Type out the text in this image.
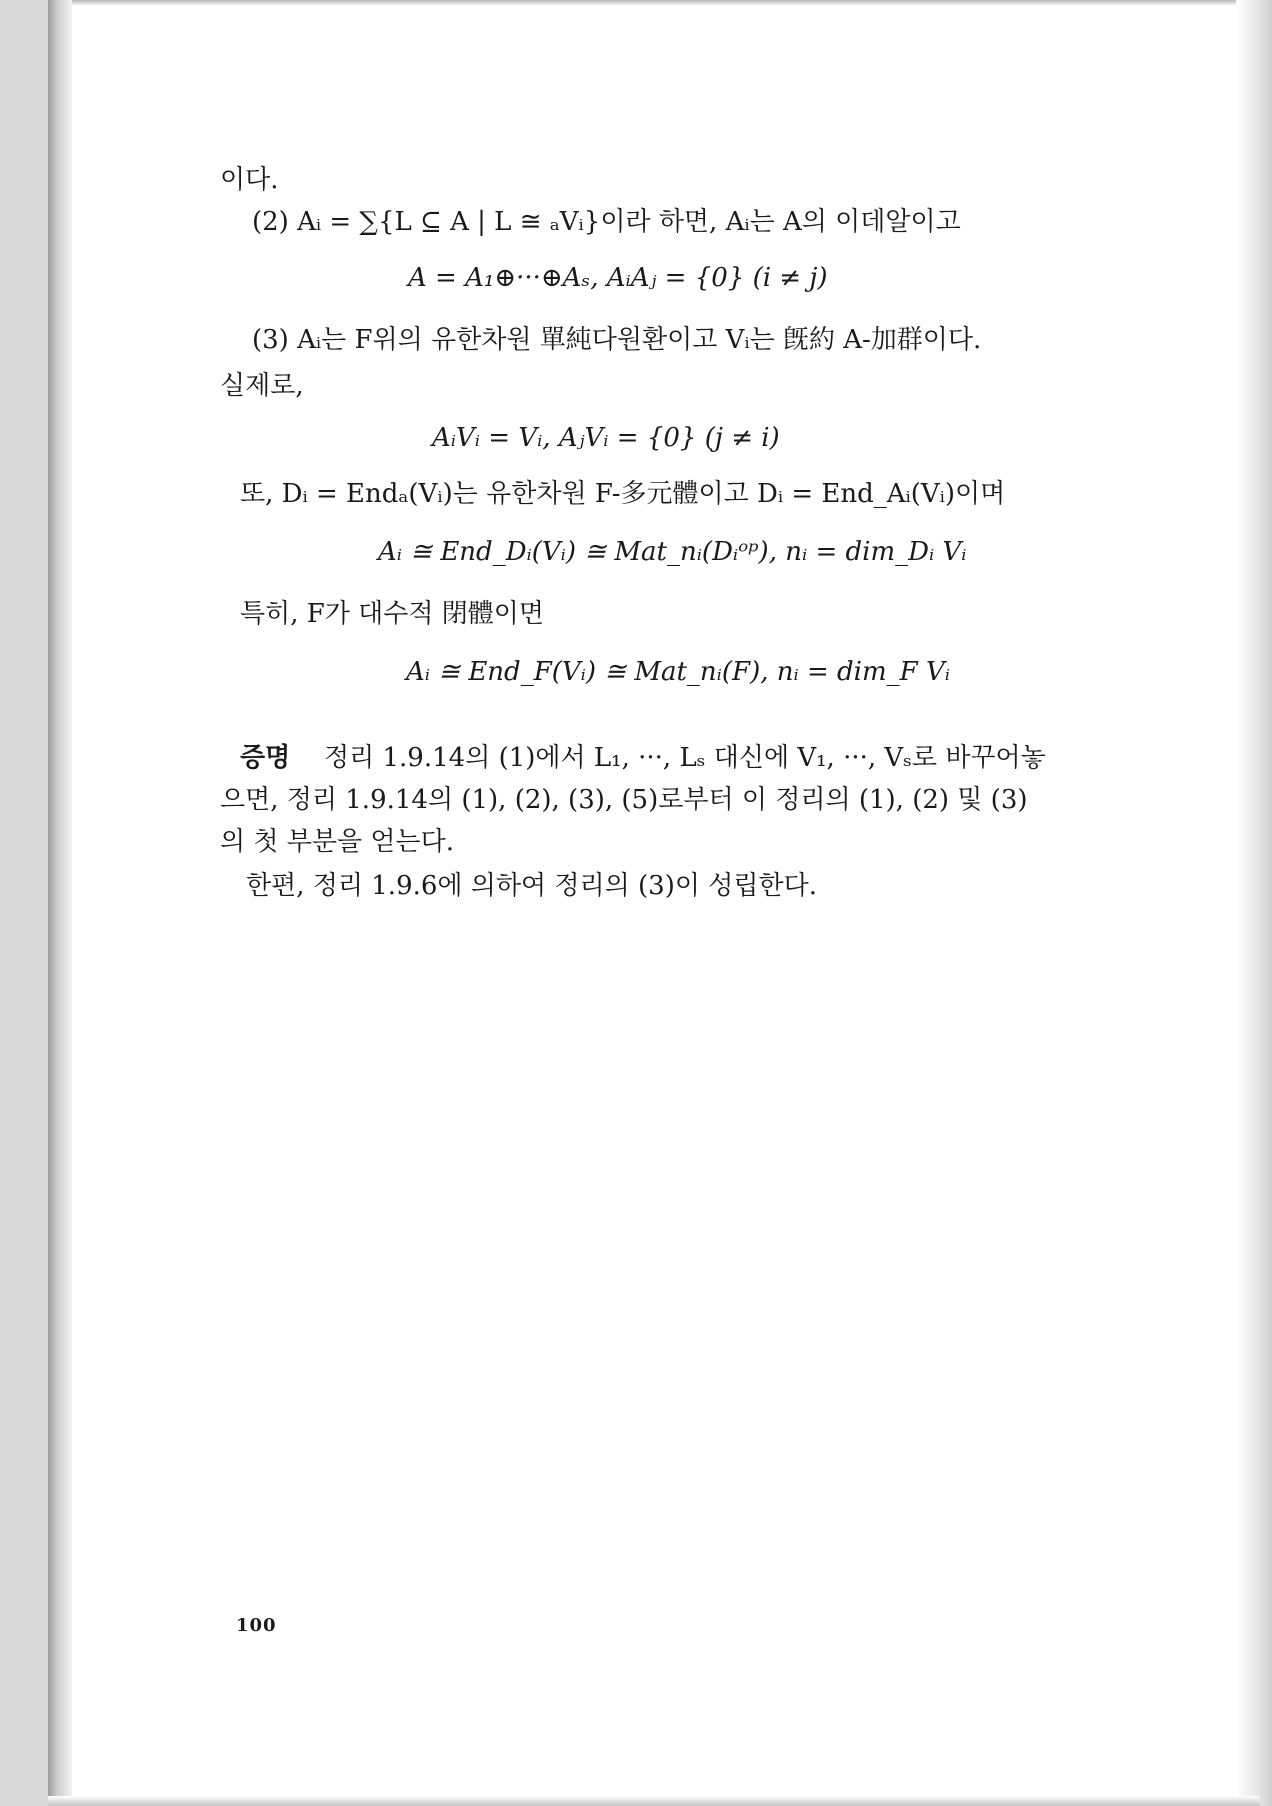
이다.

(2) Aᵢ = ∑{L ⊆ A | L ≅ ₐVᵢ}이라 하면, Aᵢ는 A의 이데알이고

A = A₁⊕···⊕Aₛ, AᵢAⱼ = {0} (i ≠ j)

(3) Aᵢ는 F위의 유한차원 單純다원환이고 Vᵢ는 旣約 A-加群이다.

실제로,

AᵢVᵢ = Vᵢ, AⱼVᵢ = {0} (j ≠ i)

또, Dᵢ = Endₐ(Vᵢ)는 유한차원 F-多元體이고 Dᵢ = End_Aᵢ(Vᵢ)이며

Aᵢ ≅ End_Dᵢ(Vᵢ) ≅ Mat_nᵢ(Dᵢᵒᵖ), nᵢ = dim_Dᵢ Vᵢ

특히, F가 대수적 閉體이면

Aᵢ ≅ End_F(Vᵢ) ≅ Mat_nᵢ(F), nᵢ = dim_F Vᵢ

증명 정리 1.9.14의 (1)에서 L₁, ···, Lₛ 대신에 V₁, ···, Vₛ로 바꾸어놓

으면, 정리 1.9.14의 (1), (2), (3), (5)로부터 이 정리의 (1), (2) 및 (3)

의 첫 부분을 얻는다.

한편, 정리 1.9.6에 의하여 정리의 (3)이 성립한다.

100
